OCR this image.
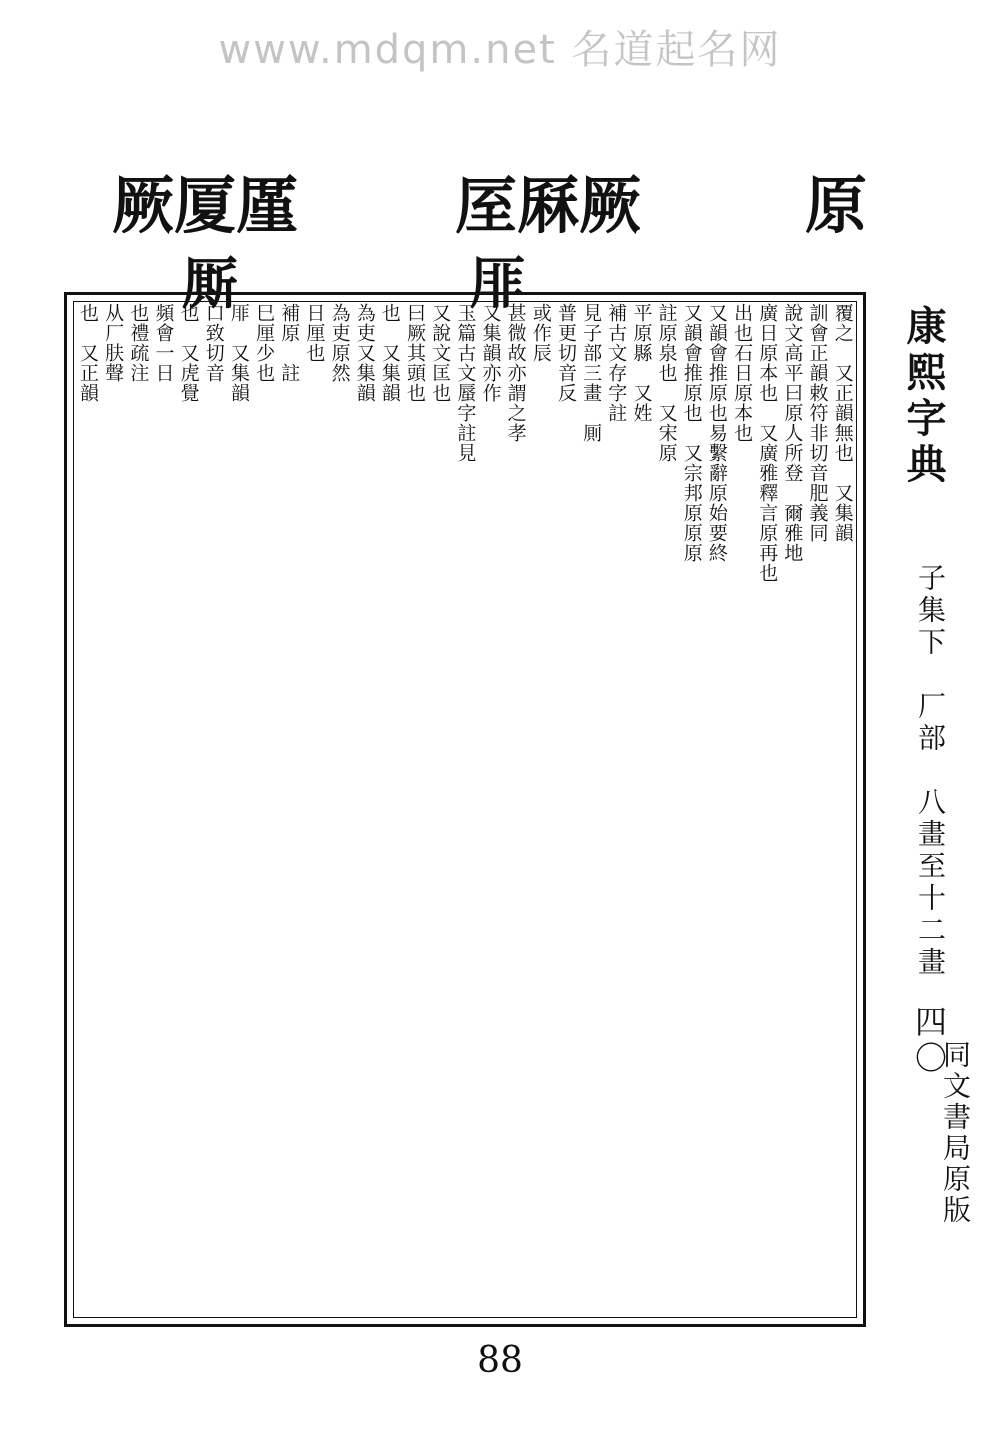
www.mdqm.net 名道起名网
原
厔厤厥
厞
厥厦厪
厮
覆之　又正韻無也　又集韻
訓會正韻敕符非切音肥義同
說文高平曰原人所登　爾雅地
廣日原本也　又廣雅釋言原再也
出也石日原本也
又韻會推原也易繫辭原始要終
又韻會推原也　又宗邦原原原
註原泉也　又宋原
平原縣　又姓
補古文存字註
見子部三畫　厠
普更切音反
或作辰
甚微故亦謂之孝
又集韻亦作
玉篇古文蜃字註見
又說文匡也
曰厥其頭也
也　又集韻
為吏又集韻
為吏原然
日厘也
補原　註
巳厘少也
厞　又集韻
口致切音
也　又虎覺
頻會一日
也禮疏注
从厂肤聲
也　又正韻	康熙字典
子集下　厂部　八畫至十二畫
四〇
同文書局原版
88
